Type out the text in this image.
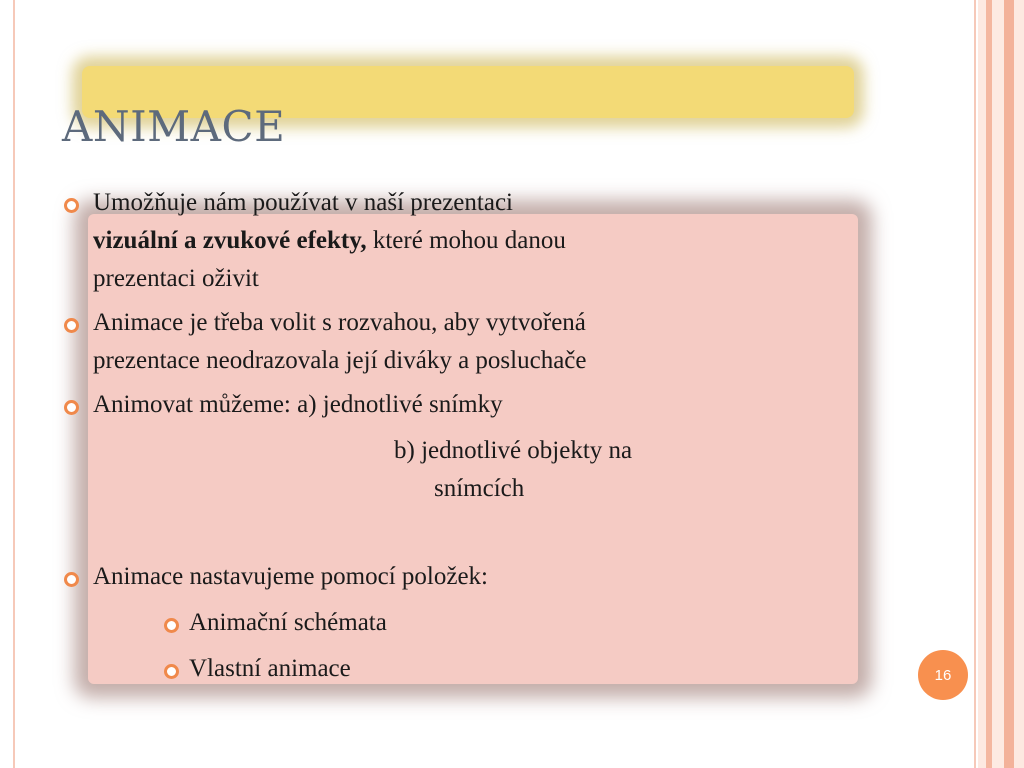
ANIMACE
Umožňuje nám používat v naší prezentaci
vizuální a zvukové efekty, které mohou danou
prezentaci oživit
Animace je třeba volit s rozvahou, aby vytvořená
prezentace neodrazovala její diváky a posluchače
Animovat můžeme: a) jednotlivé snímky
b) jednotlivé objekty na
snímcích
Animace nastavujeme pomocí položek:
Animační schémata
Vlastní animace	16
